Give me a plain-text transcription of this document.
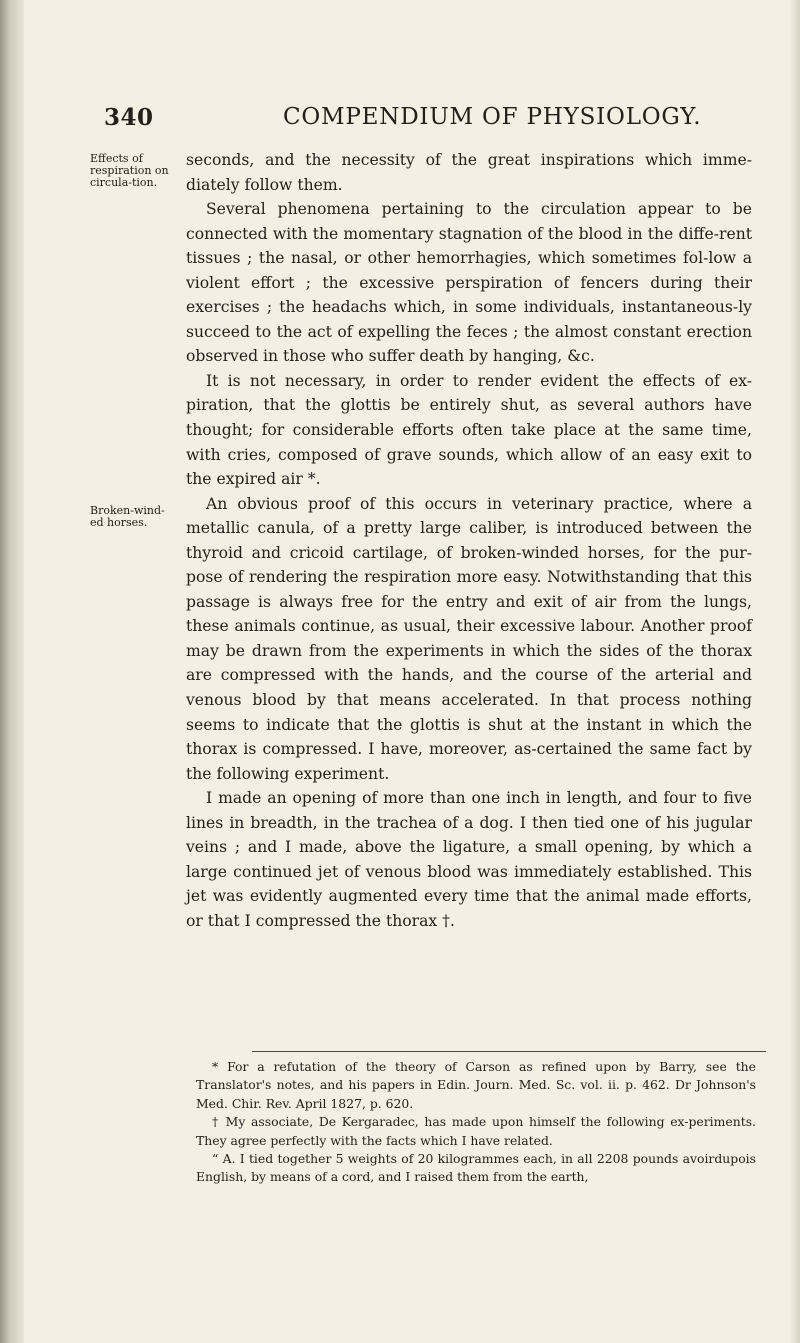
340	COMPENDIUM OF PHYSIOLOGY.
Effects of respiration on circula-tion.
Broken-wind-ed horses.

seconds, and the necessity of the great inspirations which imme-diately follow them.

Several phenomena pertaining to the circulation appear to be connected with the momentary stagnation of the blood in the diffe-rent tissues ; the nasal, or other hemorrhagies, which sometimes fol-low a violent effort ; the excessive perspiration of fencers during their exercises ; the headachs which, in some individuals, instantaneous-ly succeed to the act of expelling the feces ; the almost constant erection observed in those who suffer death by hanging, &c.

It is not necessary, in order to render evident the effects of ex-piration, that the glottis be entirely shut, as several authors have thought; for considerable efforts often take place at the same time, with cries, composed of grave sounds, which allow of an easy exit to the expired air *.

An obvious proof of this occurs in veterinary practice, where a metallic canula, of a pretty large caliber, is introduced between the thyroid and cricoid cartilage, of broken-winded horses, for the pur-pose of rendering the respiration more easy. Notwithstanding that this passage is always free for the entry and exit of air from the lungs, these animals continue, as usual, their excessive labour. Another proof may be drawn from the experiments in which the sides of the thorax are compressed with the hands, and the course of the arterial and venous blood by that means accelerated. In that process nothing seems to indicate that the glottis is shut at the instant in which the thorax is compressed. I have, moreover, as-certained the same fact by the following experiment.

I made an opening of more than one inch in length, and four to five lines in breadth, in the trachea of a dog. I then tied one of his jugular veins ; and I made, above the ligature, a small opening, by which a large continued jet of venous blood was immediately established. This jet was evidently augmented every time that the animal made efforts, or that I compressed the thorax †.

* For a refutation of the theory of Carson as refined upon by Barry, see the Translator's notes, and his papers in Edin. Journ. Med. Sc. vol. ii. p. 462. Dr Johnson's Med. Chir. Rev. April 1827, p. 620.

† My associate, De Kergaradec, has made upon himself the following ex-periments. They agree perfectly with the facts which I have related.

“ A. I tied together 5 weights of 20 kilogrammes each, in all 2208 pounds avoirdupois English, by means of a cord, and I raised them from the earth,
